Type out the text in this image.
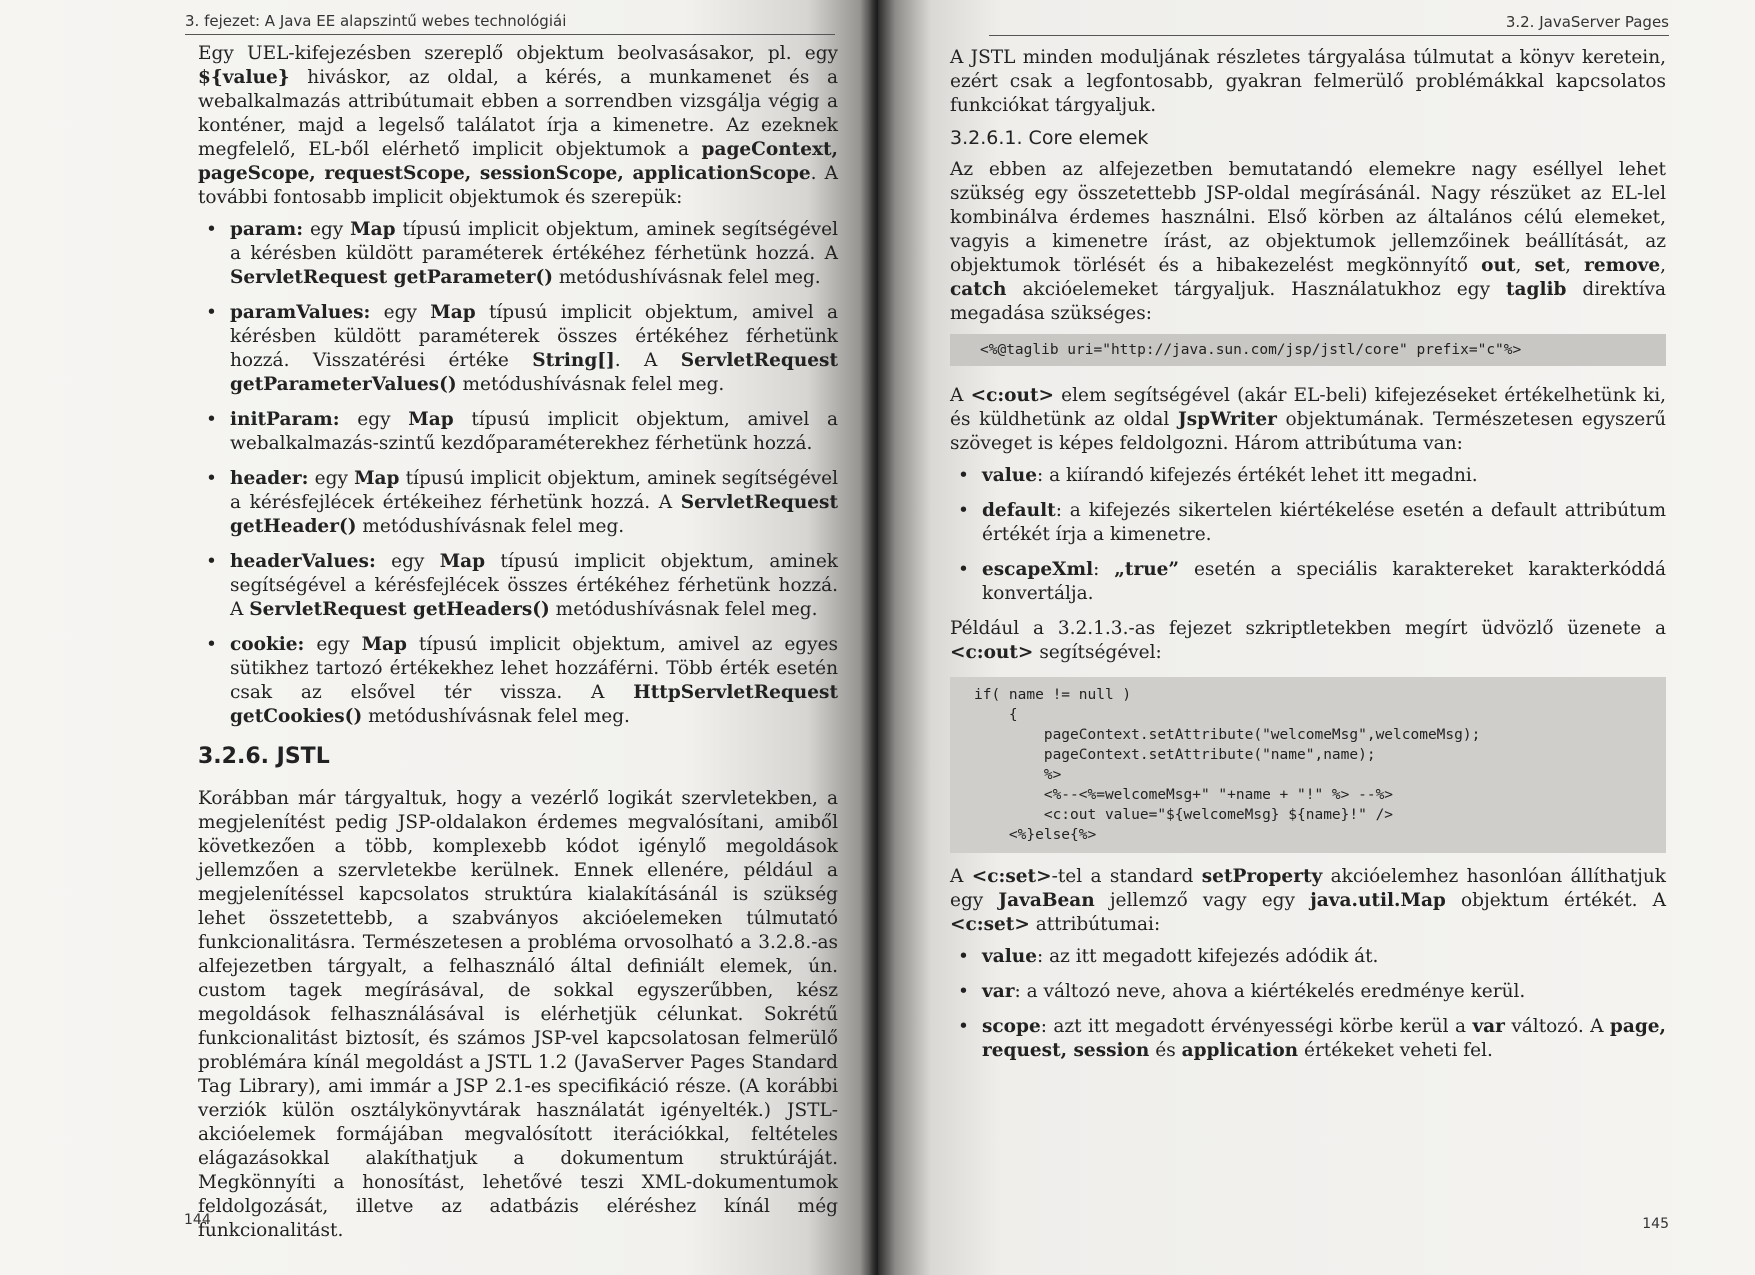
3. fejezet: A Java EE alapszintű webes technológiái

Egy UEL-kifejezésben szereplő objektum beolvasásakor, pl. egy ${value} hiváskor, az oldal, a kérés, a munkamenet és a webalkalmazás attribútumait ebben a sorrendben vizsgálja végig a konténer, majd a legelső találatot írja a kimenetre. Az ezeknek megfelelő, EL-ből elérhető implicit objektumok a pageContext, pageScope, requestScope, sessionScope, applicationScope. A további fontosabb implicit objektumok és szerepük:

• param: egy Map típusú implicit objektum, aminek segítségével a kérésben küldött paraméterek értékéhez férhetünk hozzá. A ServletRequest getParameter() metódushívásnak felel meg.
• paramValues: egy Map típusú implicit objektum, amivel a kérésben küldött paraméterek összes értékéhez férhetünk hozzá. Visszatérési értéke String[]. A ServletRequest getParameterValues() metódushívásnak felel meg.
• initParam: egy Map típusú implicit objektum, amivel a webalkalmazás-szintű kezdőparaméterekhez férhetünk hozzá.
• header: egy Map típusú implicit objektum, aminek segítségével a kérésfejlécek értékeihez férhetünk hozzá. A ServletRequest getHeader() metódushívásnak felel meg.
• headerValues: egy Map típusú implicit objektum, aminek segítségével a kérésfejlécek összes értékéhez férhetünk hozzá. A ServletRequest getHeaders() metódushívásnak felel meg.
• cookie: egy Map típusú implicit objektum, amivel az egyes sütikhez tartozó értékekhez lehet hozzáférni. Több érték esetén csak az elsővel tér vissza. A HttpServletRequest getCookies() metódushívásnak felel meg.
3.2.6. JSTL

Korábban már tárgyaltuk, hogy a vezérlő logikát szervletekben, a megjelenítést pedig JSP-oldalakon érdemes megvalósítani, amiből következően a több, komplexebb kódot igénylő megoldások jellemzően a szervletekbe kerülnek. Ennek ellenére, például a megjelenítéssel kapcsolatos struktúra kialakításánál is szükség lehet összetettebb, a szabványos akcióelemeken túlmutató funkcionalitásra. Természetesen a probléma orvosolható a 3.2.8.-as alfejezetben tárgyalt, a felhasználó által definiált elemek, ún. custom tagek megírásával, de sokkal egyszerűbben, kész megoldások felhasználásával is elérhetjük célunkat. Sokrétű funkcionalitást biztosít, és számos JSP-vel kapcsolatosan felmerülő problémára kínál megoldást a JSTL 1.2 (JavaServer Pages Standard Tag Library), ami immár a JSP 2.1-es specifikáció része. (A korábbi verziók külön osztálykönyvtárak használatát igényelték.) JSTL-akcióelemek formájában megvalósított iterációkkal, feltételes elágazásokkal alakíthatjuk a dokumentum struktúráját. Megkönnyíti a honosítást, lehetővé teszi XML-dokumentumok feldolgozását, illetve az adatbázis eléréshez kínál még funkcionalitást.

144
3.2. JavaServer Pages

A JSTL minden moduljának részletes tárgyalása túlmutat a könyv keretein, ezért csak a legfontosabb, gyakran felmerülő problémákkal kapcsolatos funkciókat tárgyaljuk.

3.2.6.1. Core elemek

Az ebben az alfejezetben bemutatandó elemekre nagy eséllyel lehet szükség egy összetettebb JSP-oldal megírásánál. Nagy részüket az EL-lel kombinálva érdemes használni. Első körben az általános célú elemeket, vagyis a kimenetre írást, az objektumok jellemzőinek beállítását, az objektumok törlését és a hibakezelést megkönnyítő out, set, remove, catch akcióelemeket tárgyaljuk. Használatukhoz egy taglib direktíva megadása szükséges:

<%@taglib uri="http://java.sun.com/jsp/jstl/core" prefix="c"%>

A <c:out> elem segítségével (akár EL-beli) kifejezéseket értékelhetünk ki, és küldhetünk az oldal JspWriter objektumának. Természetesen egyszerű szöveget is képes feldolgozni. Három attribútuma van:

• value: a kiírandó kifejezés értékét lehet itt megadni.
• default: a kifejezés sikertelen kiértékelése esetén a default attribútum értékét írja a kimenetre.
• escapeXml: „true” esetén a speciális karaktereket karakterkóddá konvertálja.

Például a 3.2.1.3.-as fejezet szkriptletekben megírt üdvözlő üzenete a <c:out> segítségével:

if( name != null )
{
pageContext.setAttribute("welcomeMsg",welcomeMsg);
pageContext.setAttribute("name",name);
%>
<%--<%=welcomeMsg+" "+name + "!" %> --%>
<c:out value="${welcomeMsg} ${name}!" />
<%}else{%>

A <c:set>-tel a standard setProperty akcióelemhez hasonlóan állíthatjuk egy JavaBean jellemző vagy egy java.util.Map objektum értékét. A <c:set> attribútumai:

• value: az itt megadott kifejezés adódik át.
• var: a változó neve, ahova a kiértékelés eredménye kerül.
• scope: azt itt megadott érvényességi körbe kerül a var változó. A page, request, session és application értékeket veheti fel.
145
